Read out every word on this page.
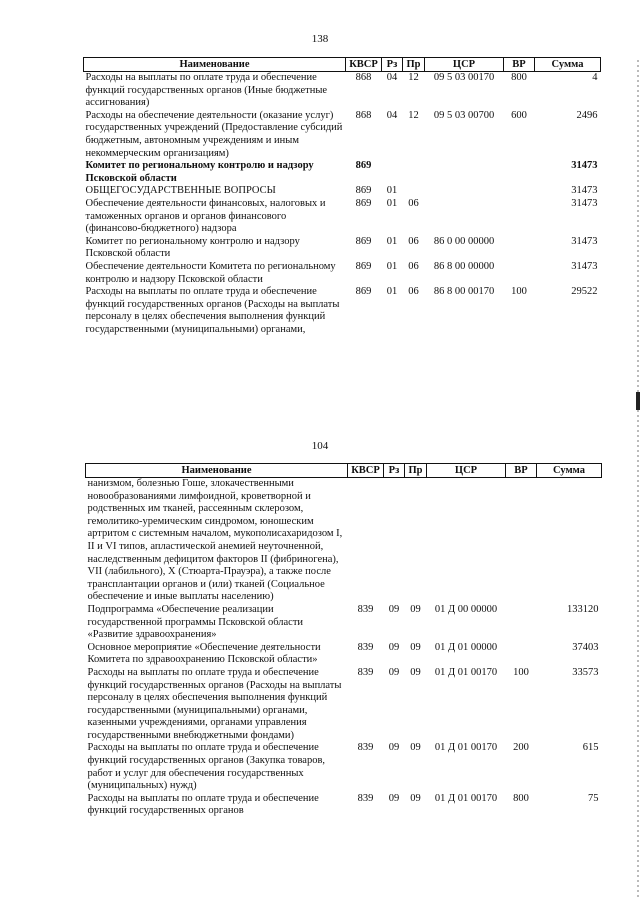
138
Наименование	КВСР	Рз	Пр	ЦСР	ВР	Сумма
Расходы на выплаты по оплате труда и обеспечение функций государственных органов (Иные бюджетные ассигнования)	868	04	12	09 5 03 00170	800	4
Расходы на обеспечение деятельности (оказание услуг) государственных учреждений (Предоставление субсидий бюджетным, автономным учреждениям и иным некоммерческим организациям)	868	04	12	09 5 03 00700	600	2496
Комитет по региональному контролю и надзору Псковской области	869					31473
ОБЩЕГОСУДАРСТВЕННЫЕ ВОПРОСЫ	869	01				31473
Обеспечение деятельности финансовых, налоговых и таможенных органов и органов финансового (финансово-бюджетного) надзора	869	01	06			31473
Комитет по региональному контролю и надзору Псковской области	869	01	06	86 0 00 00000		31473
Обеспечение деятельности Комитета по региональному контролю и надзору Псковской области	869	01	06	86 8 00 00000		31473
Расходы на выплаты по оплате труда и обеспечение функций государственных органов (Расходы на выплаты персоналу в целях обеспечения выполнения функций государственными (муниципальными) органами,	869	01	06	86 8 00 00170	100	29522
104
Наименование	КВСР	Рз	Пр	ЦСР	ВР	Сумма
нанизмом, болезнью Гоше, злокачественными новообразованиями лимфоидной, кроветворной и родственных им тканей, рассеянным склерозом, гемолитико-уремическим синдромом, юношеским артритом с системным началом, мукополисахаридозом I, II и VI типов, апластической анемией неуточненной, наследственным дефицитом факторов II (фибриногена), VII (лабильного), X (Стюарта-Прауэра), а также после трансплантации органов и (или) тканей (Социальное обеспечение и иные выплаты населению)						
Подпрограмма «Обеспечение реализации государственной программы Псковской области «Развитие здравоохранения»	839	09	09	01 Д 00 00000		133120
Основное мероприятие «Обеспечение деятельности Комитета по здравоохранению Псковской области»	839	09	09	01 Д 01 00000		37403
Расходы на выплаты по оплате труда и обеспечение функций государственных органов (Расходы на выплаты персоналу в целях обеспечения выполнения функций государственными (муниципальными) органами, казенными учреждениями, органами управления государственными внебюджетными фондами)	839	09	09	01 Д 01 00170	100	33573
Расходы на выплаты по оплате труда и обеспечение функций государственных органов (Закупка товаров, работ и услуг для обеспечения государственных (муниципальных) нужд)	839	09	09	01 Д 01 00170	200	615
Расходы на выплаты по оплате труда и обеспечение функций государственных органов	839	09	09	01 Д 01 00170	800	75
